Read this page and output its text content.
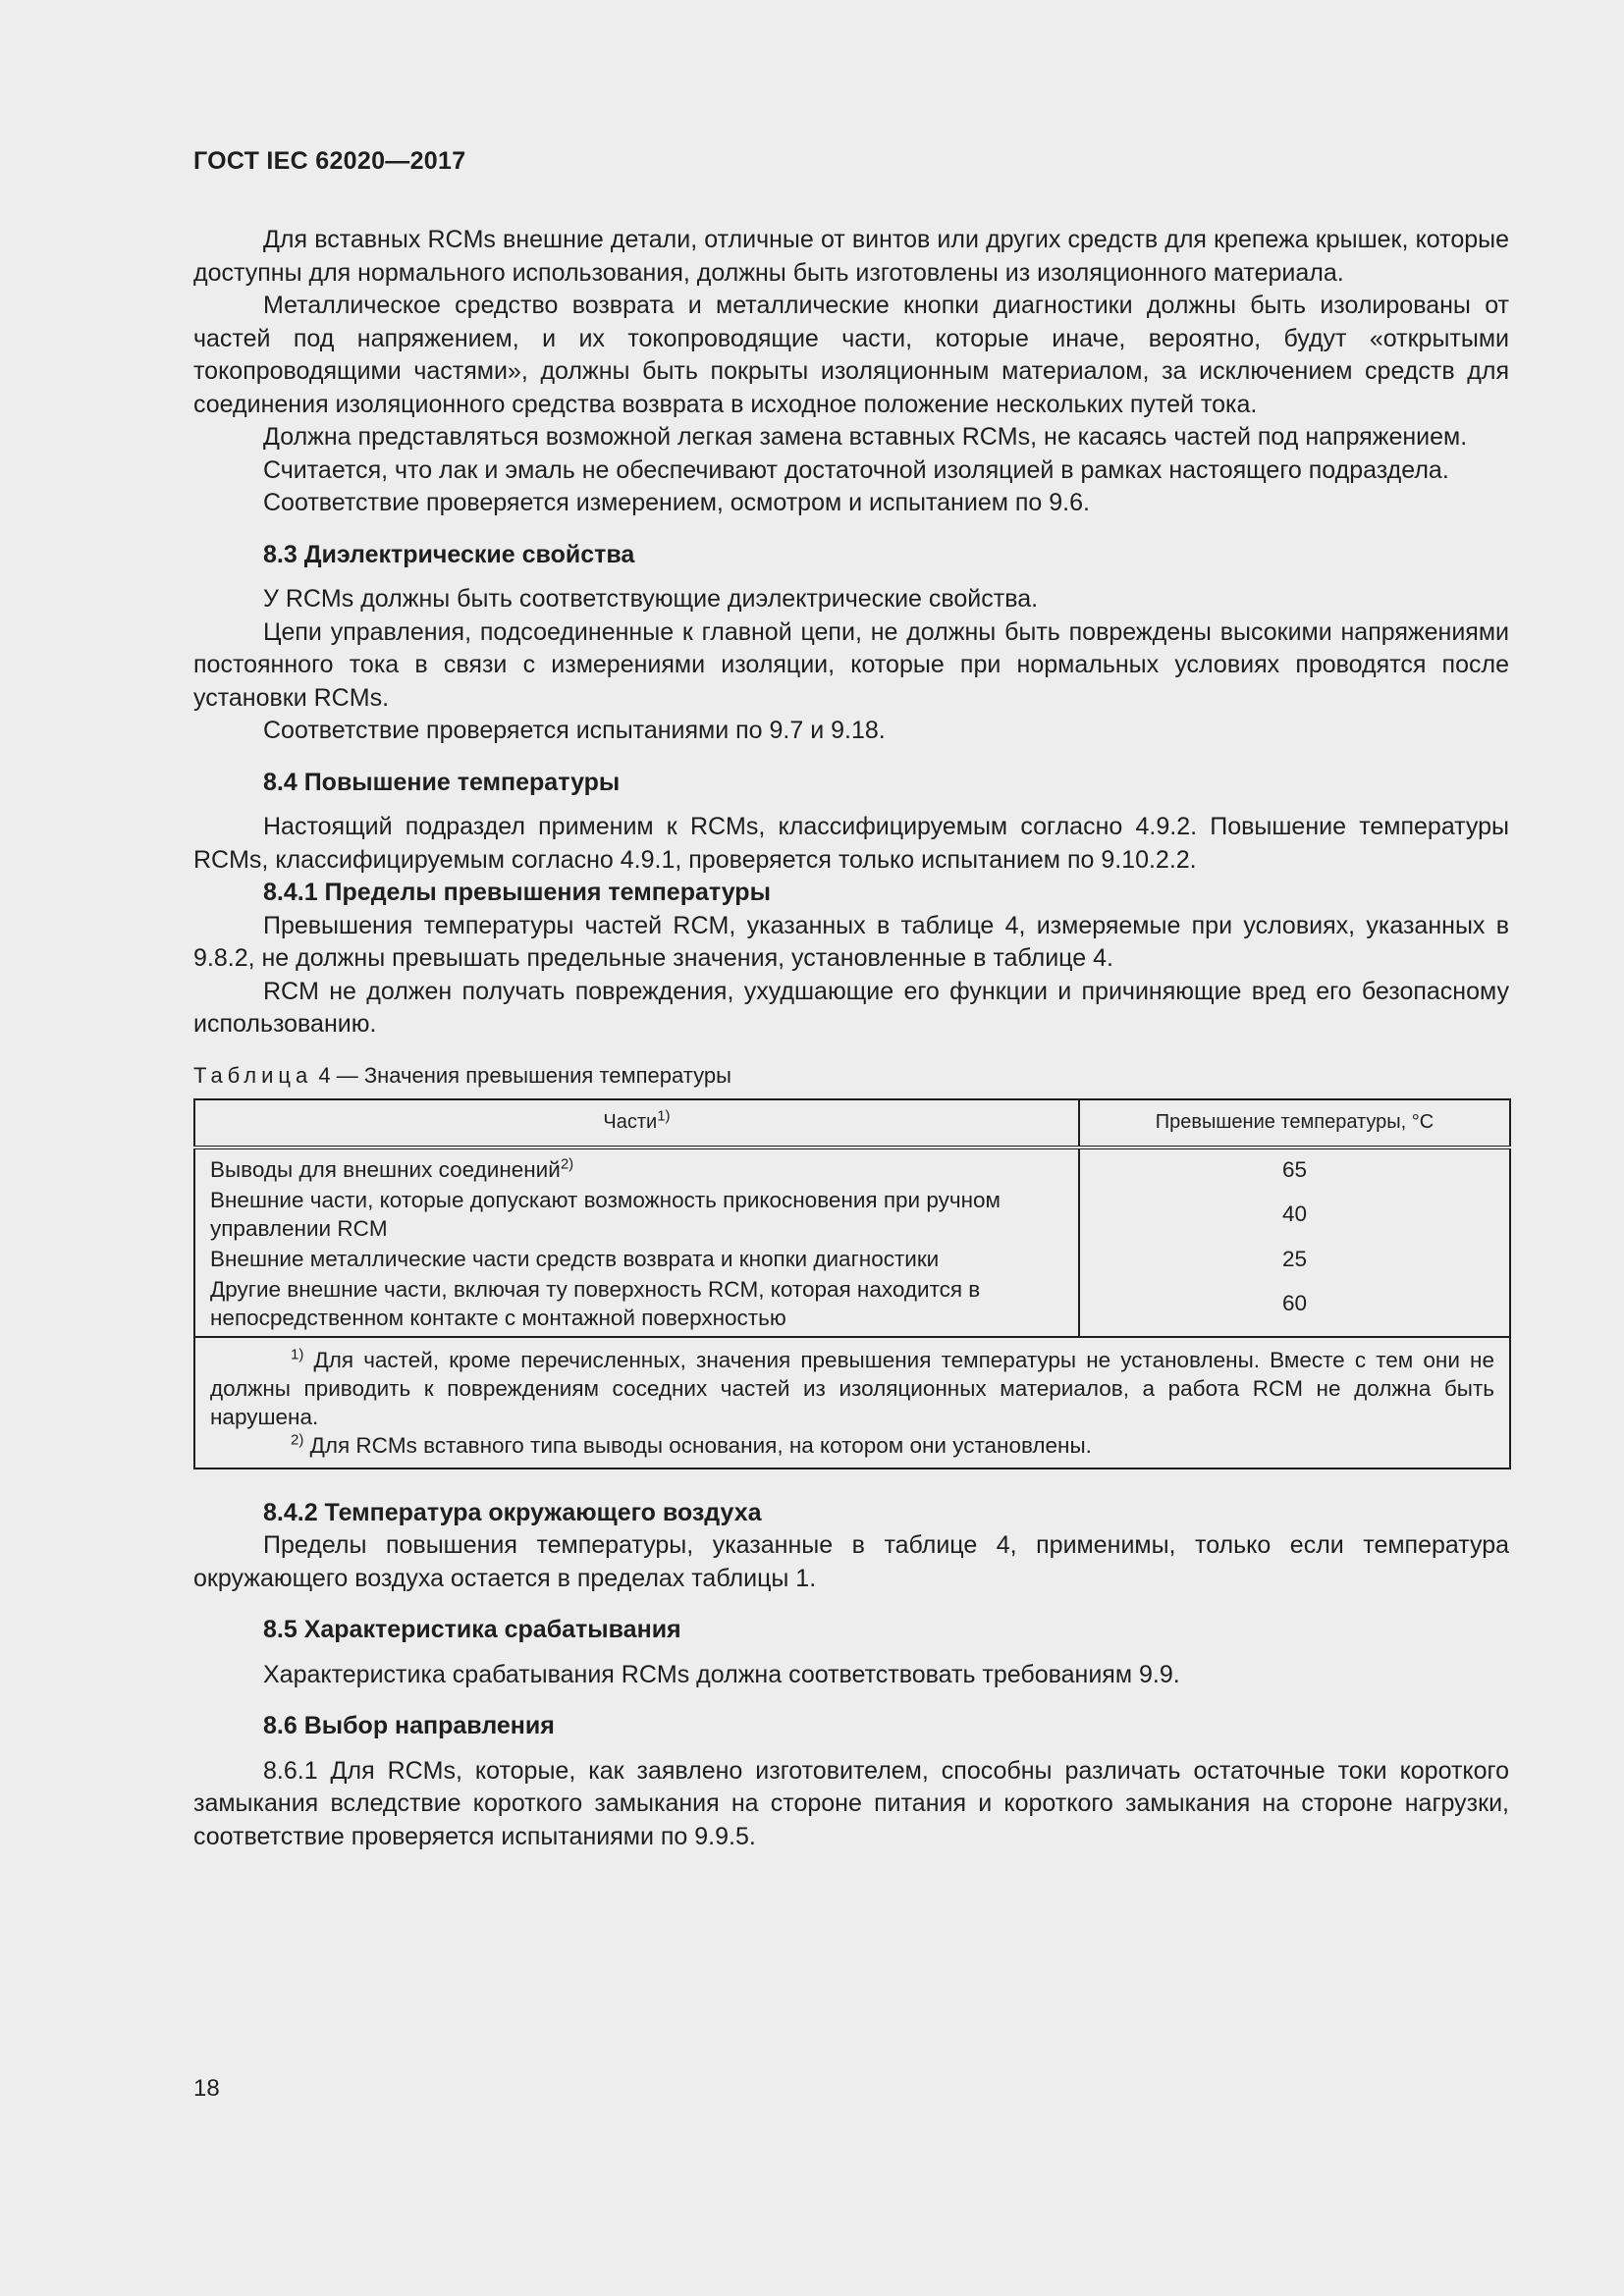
ГОСТ IEC 62020—2017

Для вставных RCMs внешние детали, отличные от винтов или других средств для крепежа крышек, которые доступны для нормального использования, должны быть изготовлены из изоляционного материала.

Металлическое средство возврата и металлические кнопки диагностики должны быть изолированы от частей под напряжением, и их токопроводящие части, которые иначе, вероятно, будут «открытыми токопроводящими частями», должны быть покрыты изоляционным материалом, за исключением средств для соединения изоляционного средства возврата в исходное положение нескольких путей тока.

Должна представляться возможной легкая замена вставных RCMs, не касаясь частей под напряжением.

Считается, что лак и эмаль не обеспечивают достаточной изоляцией в рамках настоящего подраздела.

Соответствие проверяется измерением, осмотром и испытанием по 9.6.

8.3 Диэлектрические свойства

У RCMs должны быть соответствующие диэлектрические свойства.

Цепи управления, подсоединенные к главной цепи, не должны быть повреждены высокими напряжениями постоянного тока в связи с измерениями изоляции, которые при нормальных условиях проводятся после установки RCMs.

Соответствие проверяется испытаниями по 9.7 и 9.18.

8.4 Повышение температуры

Настоящий подраздел применим к RCMs, классифицируемым согласно 4.9.2. Повышение температуры RCMs, классифицируемым согласно 4.9.1, проверяется только испытанием по 9.10.2.2.

8.4.1 Пределы превышения температуры

Превышения температуры частей RCM, указанных в таблице 4, измеряемые при условиях, указанных в 9.8.2, не должны превышать предельные значения, установленные в таблице 4.

RCM не должен получать повреждения, ухудшающие его функции и причиняющие вред его безопасному использованию.

Таблица 4 — Значения превышения температуры
Части$^{1)}$	Превышение температуры, °C
Выводы для внешних соединений$^{2)}$	65
Внешние части, которые допускают возможность прикосновения при ручном управлении RCM	40
Внешние металлические части средств возврата и кнопки диагностики	25
Другие внешние части, включая ту поверхность RCM, которая находится в непосредственном контакте с монтажной поверхностью	60

$^{1)}$ Для частей, кроме перечисленных, значения превышения температуры не установлены. Вместе с тем они не должны приводить к повреждениям соседних частей из изоляционных материалов, а работа RCM не должна быть нарушена.
$^{2)}$ Для RCMs вставного типа выводы основания, на котором они установлены.	
8.4.2 Температура окружающего воздуха

Пределы повышения температуры, указанные в таблице 4, применимы, только если температура окружающего воздуха остается в пределах таблицы 1.

8.5 Характеристика срабатывания

Характеристика срабатывания RCMs должна соответствовать требованиям 9.9.

8.6 Выбор направления

8.6.1 Для RCMs, которые, как заявлено изготовителем, способны различать остаточные токи короткого замыкания вследствие короткого замыкания на стороне питания и короткого замыкания на стороне нагрузки, соответствие проверяется испытаниями по 9.9.5.

18
